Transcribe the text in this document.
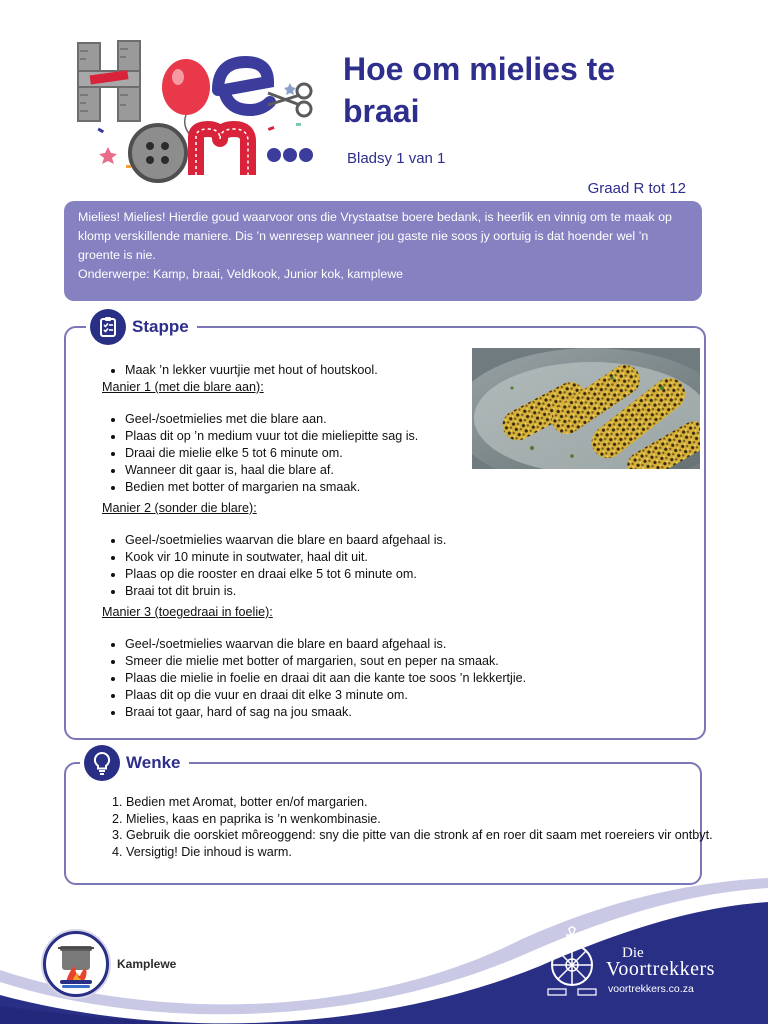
Hoe om mielies te braai
Bladsy 1 van 1
Graad R tot 12

Mielies! Mielies! Hierdie goud waarvoor ons die Vrystaatse boere bedank, is heerlik en vinnig om te maak op klomp verskillende maniere. Dis ’n wenresep wanneer jou gaste nie soos jy oortuig is dat hoender wel ’n groente is nie.

Onderwerpe: Kamp, braai, Veldkook, Junior kok, kamplewe

Stappe
• Maak ’n lekker vuurtjie met hout of houtskool.
Manier 1 (met die blare aan):
• Geel-/soetmielies met die blare aan.
• Plaas dit op ’n medium vuur tot die mieliepitte sag is.
• Draai die mielie elke 5 tot 6 minute om.
• Wanneer dit gaar is, haal die blare af.
• Bedien met botter of margarien na smaak.
Manier 2 (sonder die blare):
• Geel-/soetmielies waarvan die blare en baard afgehaal is.
• Kook vir 10 minute in soutwater, haal dit uit.
• Plaas op die rooster en draai elke 5 tot 6 minute om.
• Braai tot dit bruin is.
Manier 3 (toegedraai in foelie):
• Geel-/soetmielies waarvan die blare en baard afgehaal is.
• Smeer die mielie met botter of margarien, sout en peper na smaak.
• Plaas die mielie in foelie en draai dit aan die kante toe soos ’n lekkertjie.
• Plaas dit op die vuur en draai dit elke 3 minute om.
• Braai tot gaar, hard of sag na jou smaak.
Wenke
1. Bedien met Aromat, botter en/of margarien.
2. Mielies, kaas en paprika is ’n wenkombinasie.
3. Gebruik die oorskiet môreoggend: sny die pitte van die stronk af en roer dit saam met roereiers vir ontbyt.
4. Versigtig! Die inhoud is warm.
Kamplewe
Die
Voortrekkers
voortrekkers.co.za
